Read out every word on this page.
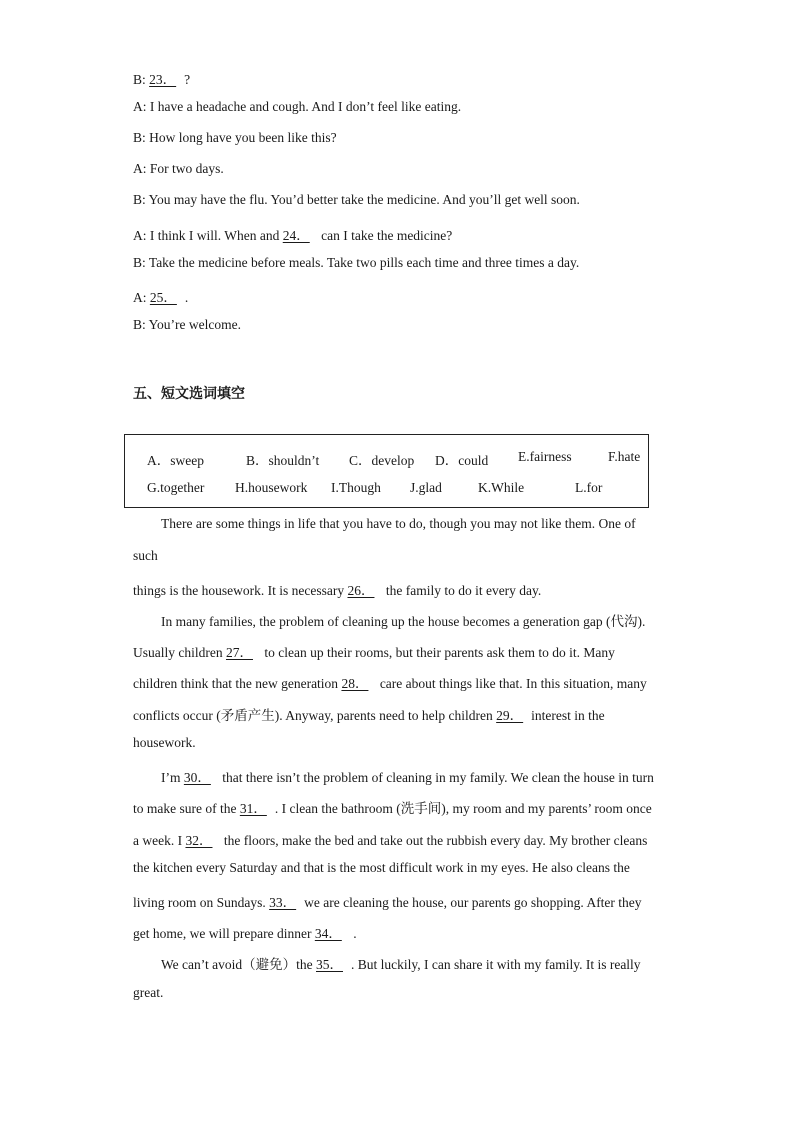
B: 23． ?
A: I have a headache and cough. And I don’t feel like eating.
B: How long have you been like this?
A: For two days.
B: You may have the flu. You’d better take the medicine. And you’ll get well soon.
A: I think I will. When and 24． can I take the medicine?
B: Take the medicine before meals. Take two pills each time and three times a day.
A: 25． .
B: You’re welcome.
五、短文选词填空
A．sweep	B．shouldn’t C．develop D．could E.fairness	F.hate
G.together H.housework I.Though J.glad	K.While	L.for
There are some things in life that you have to do, though you may not like them. One of
such
things is the housework. It is necessary 26． the family to do it every day.
In many families, the problem of cleaning up the house becomes a generation gap (代沟).
Usually children 27． to clean up their rooms, but their parents ask them to do it. Many
children think that the new generation 28． care about things like that. In this situation, many
conflicts occur (矛盾产生). Anyway, parents need to help children 29． interest in the
housework.
I’m 30． that there isn’t the problem of cleaning in my family. We clean the house in turn
to make sure of the 31． . I clean the bathroom (洗手间), my room and my parents’ room once
a week. I 32． the floors, make the bed and take out the rubbish every day. My brother cleans
the kitchen every Saturday and that is the most difficult work in my eyes. He also cleans the
living room on Sundays. 33． we are cleaning the house, our parents go shopping. After they
get home, we will prepare dinner 34． .
We can’t avoid（避免）the 35． . But luckily, I can share it with my family. It is really
great.
